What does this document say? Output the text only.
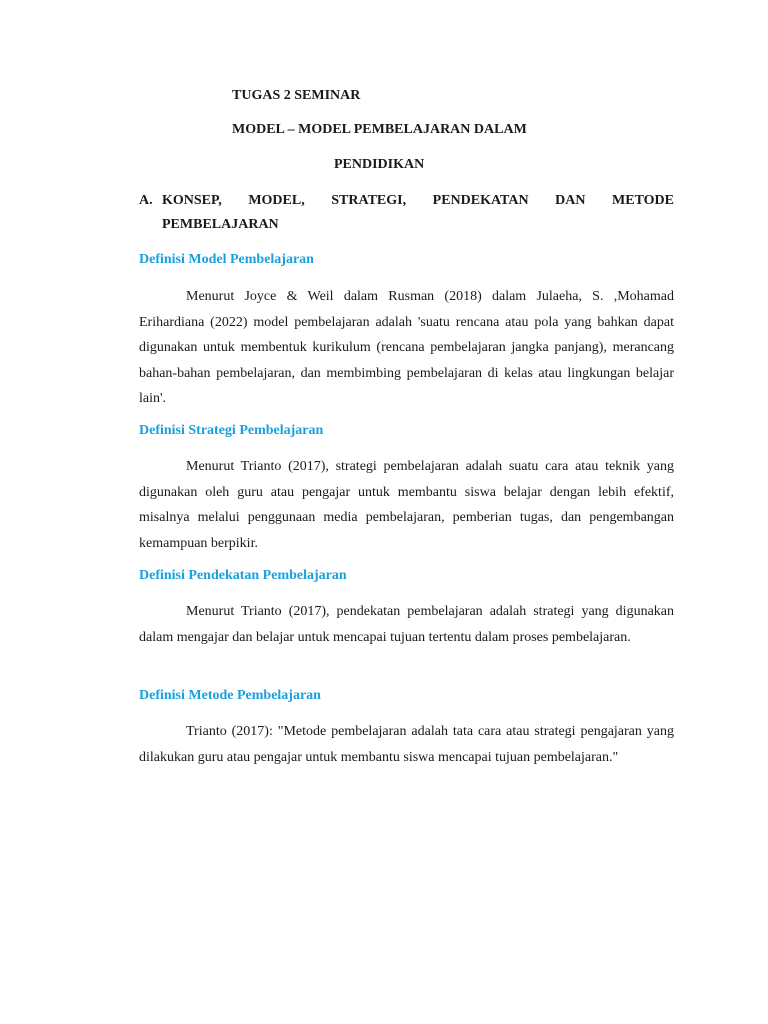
TUGAS 2 SEMINAR
MODEL – MODEL PEMBELAJARAN DALAM
PENDIDIKAN
A. KONSEP, MODEL, STRATEGI, PENDEKATAN DAN METODE
PEMBELAJARAN
Definisi Model Pembelajaran
Menurut Joyce & Weil dalam Rusman (2018) dalam Julaeha, S. ,Mohamad Erihardiana (2022) model pembelajaran adalah 'suatu rencana atau pola yang bahkan dapat digunakan untuk membentuk kurikulum (rencana pembelajaran jangka panjang), merancang bahan-bahan pembelajaran, dan membimbing pembelajaran di kelas atau lingkungan belajar lain'.
Definisi Strategi Pembelajaran
Menurut Trianto (2017), strategi pembelajaran adalah suatu cara atau teknik yang digunakan oleh guru atau pengajar untuk membantu siswa belajar dengan lebih efektif, misalnya melalui penggunaan media pembelajaran, pemberian tugas, dan pengembangan kemampuan berpikir.
Definisi Pendekatan Pembelajaran
Menurut Trianto (2017), pendekatan pembelajaran adalah strategi yang digunakan dalam mengajar dan belajar untuk mencapai tujuan tertentu dalam proses pembelajaran.
Definisi Metode Pembelajaran
Trianto (2017): "Metode pembelajaran adalah tata cara atau strategi pengajaran yang dilakukan guru atau pengajar untuk membantu siswa mencapai tujuan pembelajaran."
